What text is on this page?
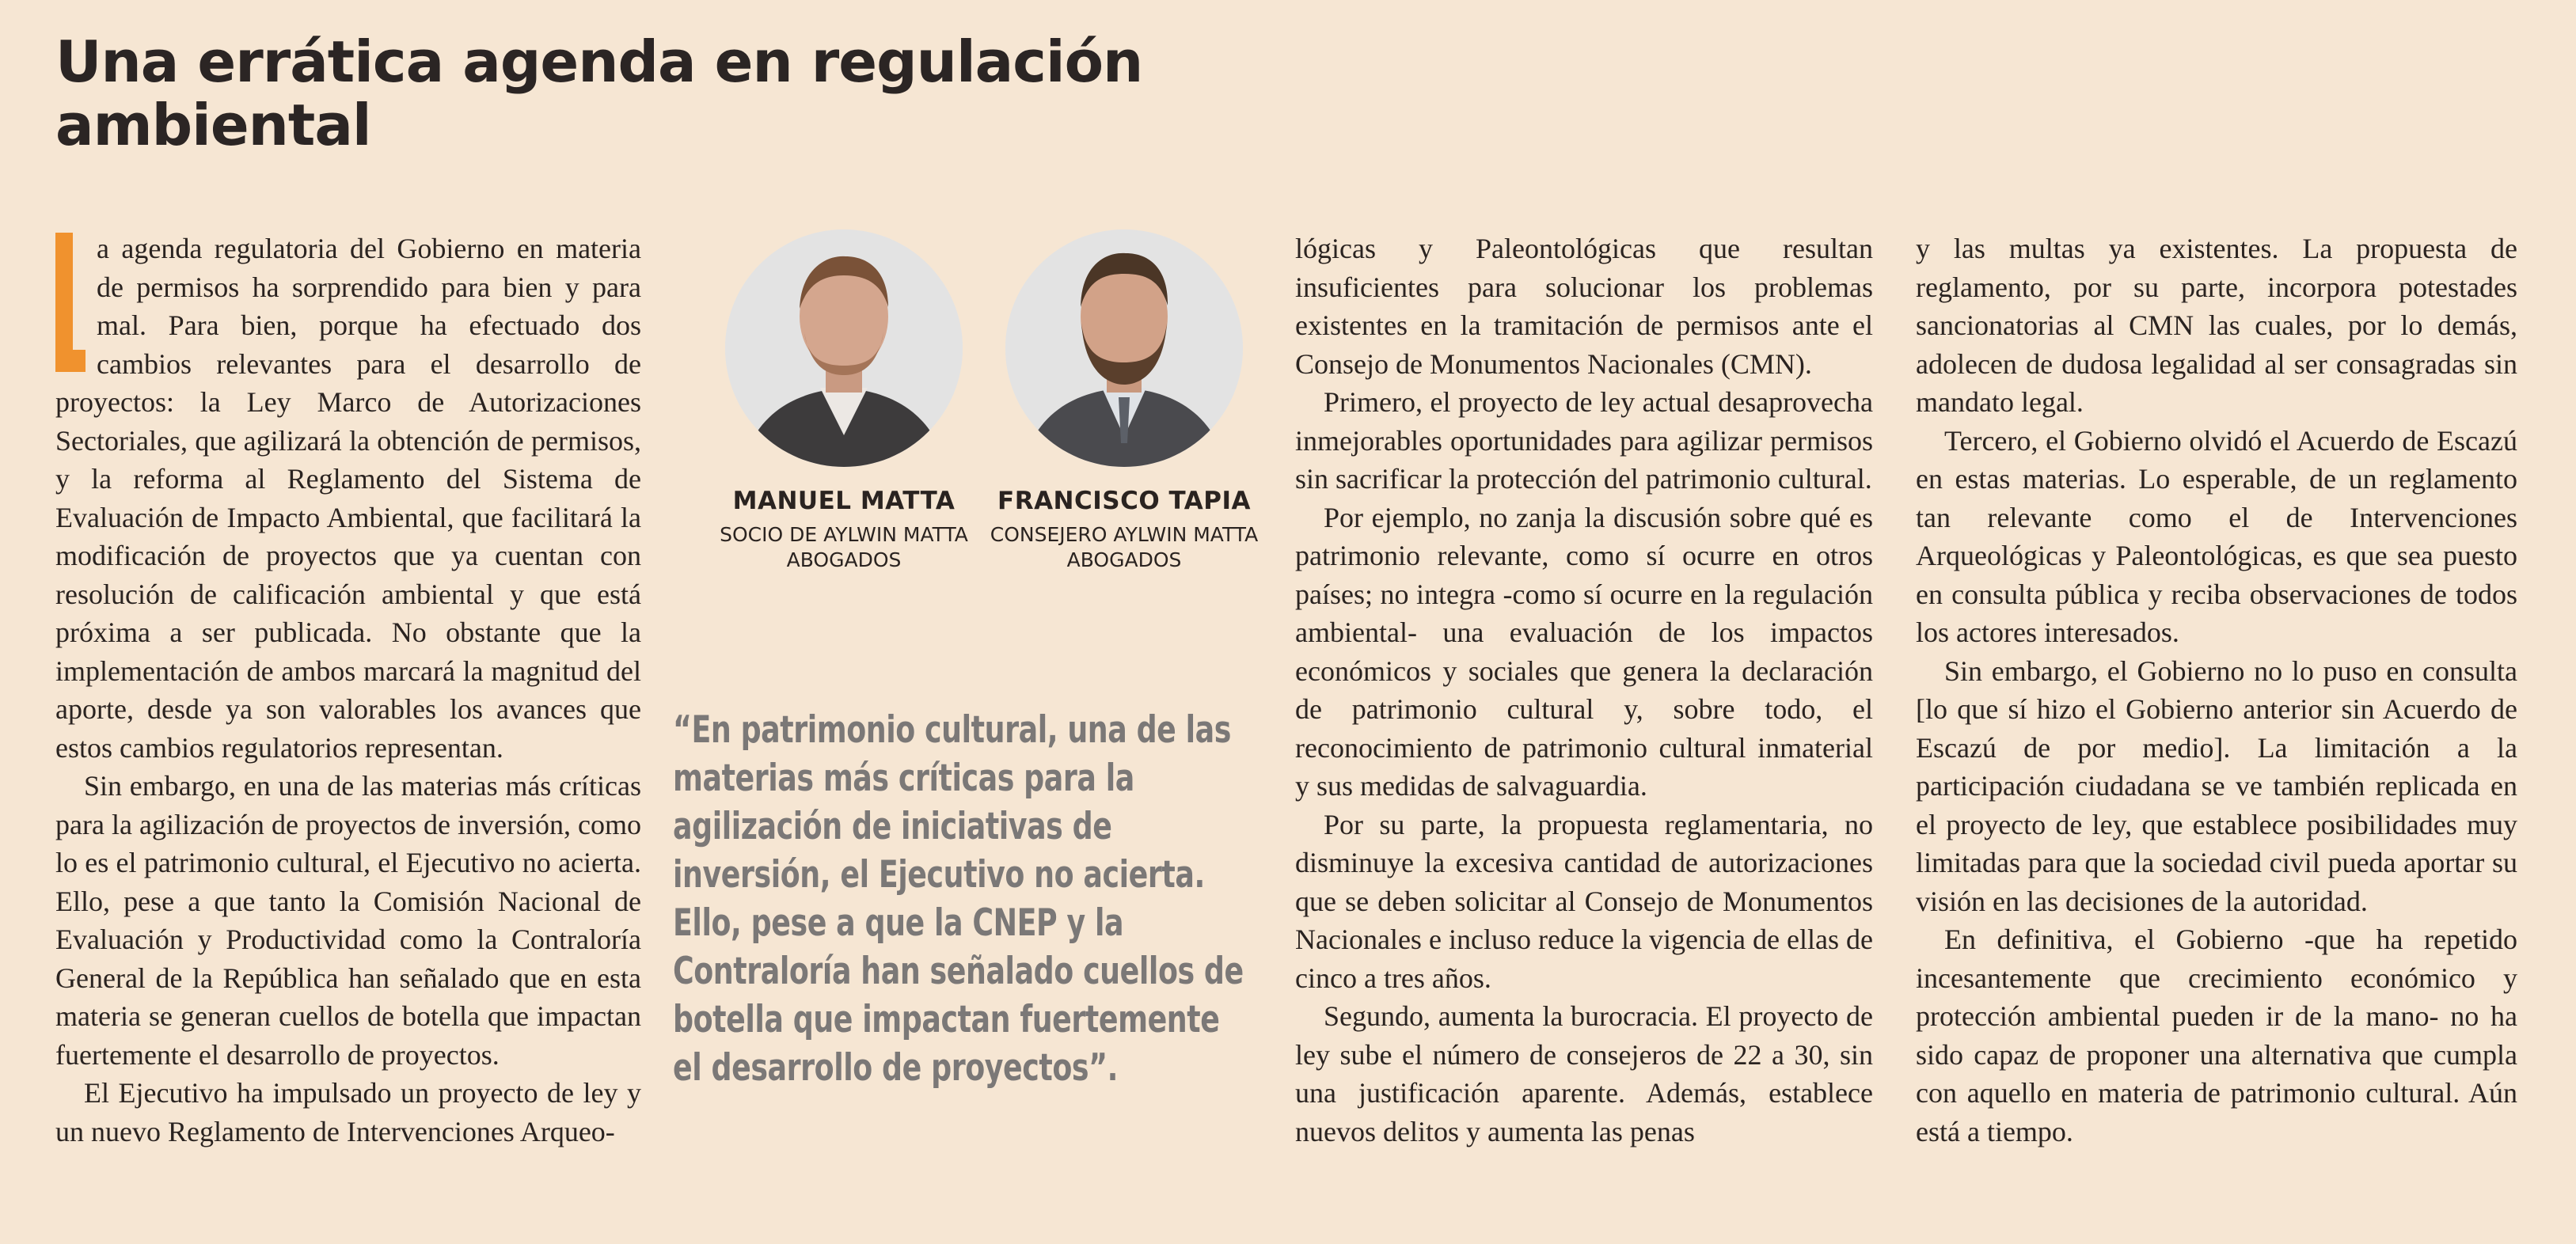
Una errática agenda en regulación ambiental

a agenda regulatoria del Gobierno en materia de permisos ha sorprendido para bien y para mal. Para bien, porque ha efectuado dos cambios relevantes para el desarrollo de proyectos: la Ley Marco de Autorizaciones Sectoriales, que agilizará la obtención de permisos, y la reforma al Reglamento del Sistema de Evaluación de Impacto Ambiental, que facilitará la modificación de proyectos que ya cuentan con resolución de calificación ambiental y que está próxima a ser publicada. No obstante que la implementación de ambos marcará la magnitud del aporte, desde ya son valorables los avances que estos cambios regulatorios representan.

Sin embargo, en una de las materias más críticas para la agilización de proyectos de inversión, como lo es el patrimonio cultural, el Ejecutivo no acierta. Ello, pese a que tanto la Comisión Nacional de Evaluación y Productividad como la Contraloría General de la República han señalado que en esta materia se generan cuellos de botella que impactan fuertemente el desarrollo de proyectos.

El Ejecutivo ha impulsado un proyecto de ley y un nuevo Reglamento de Intervenciones Arqueo-

MANUEL MATTA
SOCIO DE AYLWIN MATTA ABOGADOS
FRANCISCO TAPIA
CONSEJERO AYLWIN MATTA ABOGADOS

“En patrimonio cultural, una de las materias más críticas para la agilización de iniciativas de inversión, el Ejecutivo no acierta. Ello, pese a que la CNEP y la Contraloría han señalado cuellos de botella que impactan fuertemente el desarrollo de proyectos”.

lógicas y Paleontológicas que resultan insuficientes para solucionar los problemas existentes en la tramitación de permisos ante el Consejo de Monumentos Nacionales (CMN).

Primero, el proyecto de ley actual desaprovecha inmejorables oportunidades para agilizar permisos sin sacrificar la protección del patrimonio cultural.

Por ejemplo, no zanja la discusión sobre qué es patrimonio relevante, como sí ocurre en otros países; no integra -como sí ocurre en la regulación ambiental- una evaluación de los impactos económicos y sociales que genera la declaración de patrimonio cultural y, sobre todo, el reconocimiento de patrimonio cultural inmaterial y sus medidas de salvaguardia.

Por su parte, la propuesta reglamentaria, no disminuye la excesiva cantidad de autorizaciones que se deben solicitar al Consejo de Monumentos Nacionales e incluso reduce la vigencia de ellas de cinco a tres años.

Segundo, aumenta la burocracia. El proyecto de ley sube el número de consejeros de 22 a 30, sin una justificación aparente. Además, establece nuevos delitos y aumenta las penas

y las multas ya existentes. La propuesta de reglamento, por su parte, incorpora potestades sancionatorias al CMN las cuales, por lo demás, adolecen de dudosa legalidad al ser consagradas sin mandato legal.

Tercero, el Gobierno olvidó el Acuerdo de Escazú en estas materias. Lo esperable, de un reglamento tan relevante como el de Intervenciones Arqueológicas y Paleontológicas, es que sea puesto en consulta pública y reciba observaciones de todos los actores interesados.

Sin embargo, el Gobierno no lo puso en consulta [lo que sí hizo el Gobierno anterior sin Acuerdo de Escazú de por medio]. La limitación a la participación ciudadana se ve también replicada en el proyecto de ley, que establece posibilidades muy limitadas para que la sociedad civil pueda aportar su visión en las decisiones de la autoridad.

En definitiva, el Gobierno -que ha repetido incesantemente que crecimiento económico y protección ambiental pueden ir de la mano- no ha sido capaz de proponer una alternativa que cumpla con aquello en materia de patrimonio cultural. Aún está a tiempo.
